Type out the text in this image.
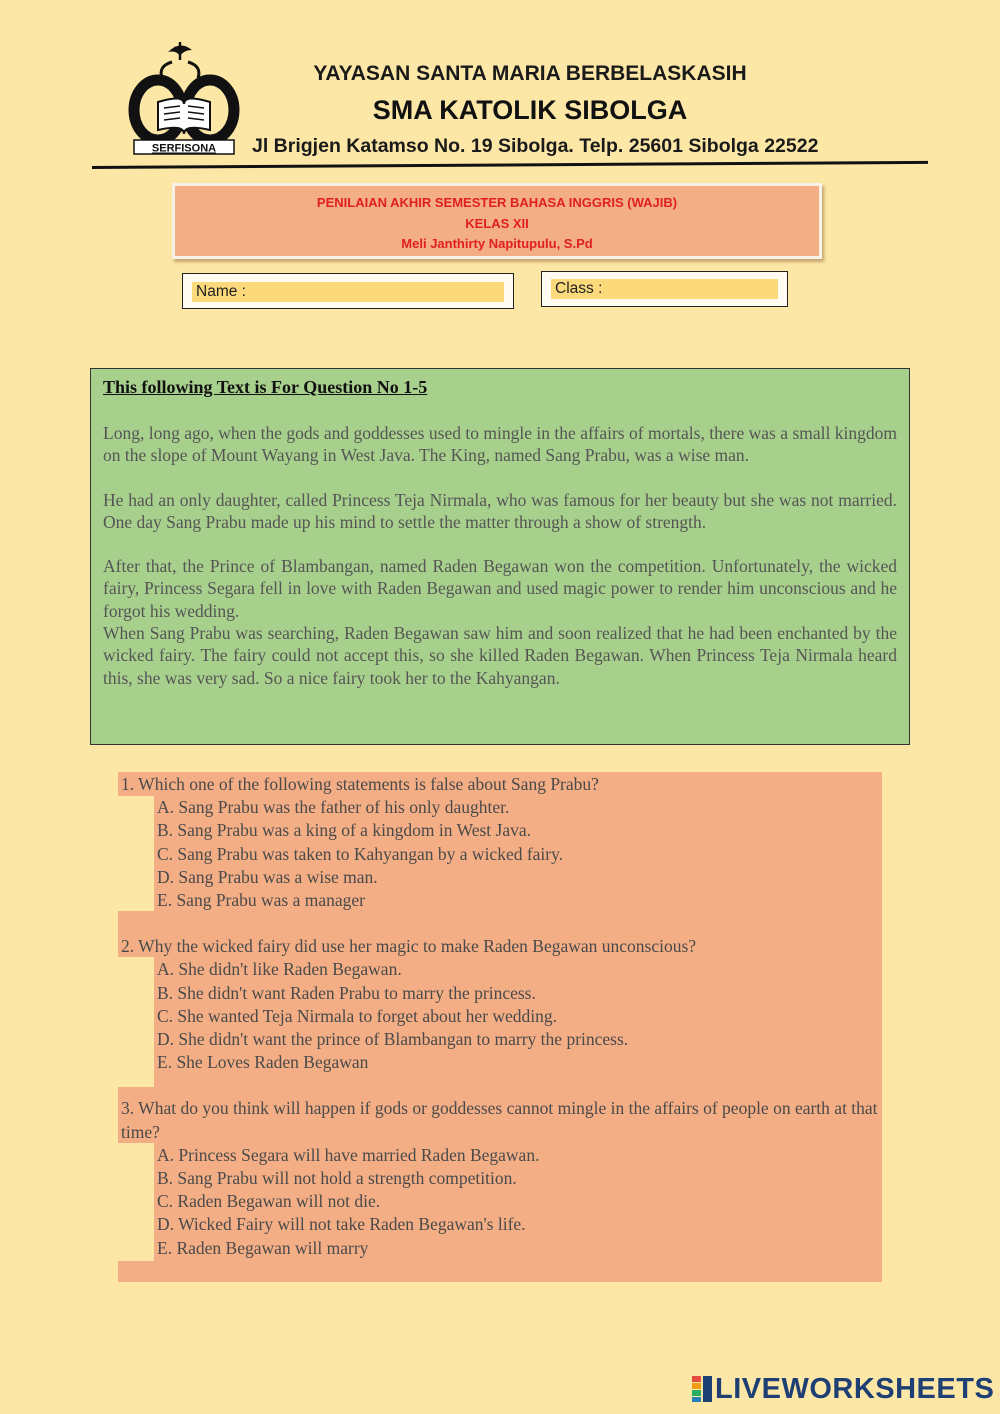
SERFISONA
YAYASAN SANTA MARIA BERBELASKASIH
SMA KATOLIK SIBOLGA
Jl Brigjen Katamso No. 19 Sibolga. Telp. 25601 Sibolga 22522
PENILAIAN AKHIR SEMESTER BAHASA INGGRIS (WAJIB)
KELAS XII
Meli Janthirty Napitupulu, S.Pd
Name :	Class :
This following Text is For Question No 1-5

Long, long ago, when the gods and goddesses used to mingle in the affairs of mortals, there was a small kingdom on the slope of Mount Wayang in West Java. The King, named Sang Prabu, was a wise man.

He had an only daughter, called Princess Teja Nirmala, who was famous for her beauty but she was not married. One day Sang Prabu made up his mind to settle the matter through a show of strength.

After that, the Prince of Blambangan, named Raden Begawan won the competition. Unfortunately, the wicked fairy, Princess Segara fell in love with Raden Begawan and used magic power to render him unconscious and he forgot his wedding.

When Sang Prabu was searching, Raden Begawan saw him and soon realized that he had been enchanted by the wicked fairy. The fairy could not accept this, so she killed Raden Begawan. When Princess Teja Nirmala heard this, she was very sad. So a nice fairy took her to the Kahyangan.

1. Which one of the following statements is false about Sang Prabu?
A. Sang Prabu was the father of his only daughter.
B. Sang Prabu was a king of a kingdom in West Java.
C. Sang Prabu was taken to Kahyangan by a wicked fairy.
D. Sang Prabu was a wise man.
E. Sang Prabu was a manager
2. Why the wicked fairy did use her magic to make Raden Begawan unconscious?
A. She didn't like Raden Begawan.
B. She didn't want Raden Prabu to marry the princess.
C. She wanted Teja Nirmala to forget about her wedding.
D. She didn't want the prince of Blambangan to marry the princess.
E. She Loves Raden Begawan
3. What do you think will happen if gods or goddesses cannot mingle in the affairs of people on earth at that time?
A. Princess Segara will have married Raden Begawan.
B. Sang Prabu will not hold a strength competition.
C. Raden Begawan will not die.
D. Wicked Fairy will not take Raden Begawan's life.
E. Raden Begawan will marry
LIVEWORKSHEETS
